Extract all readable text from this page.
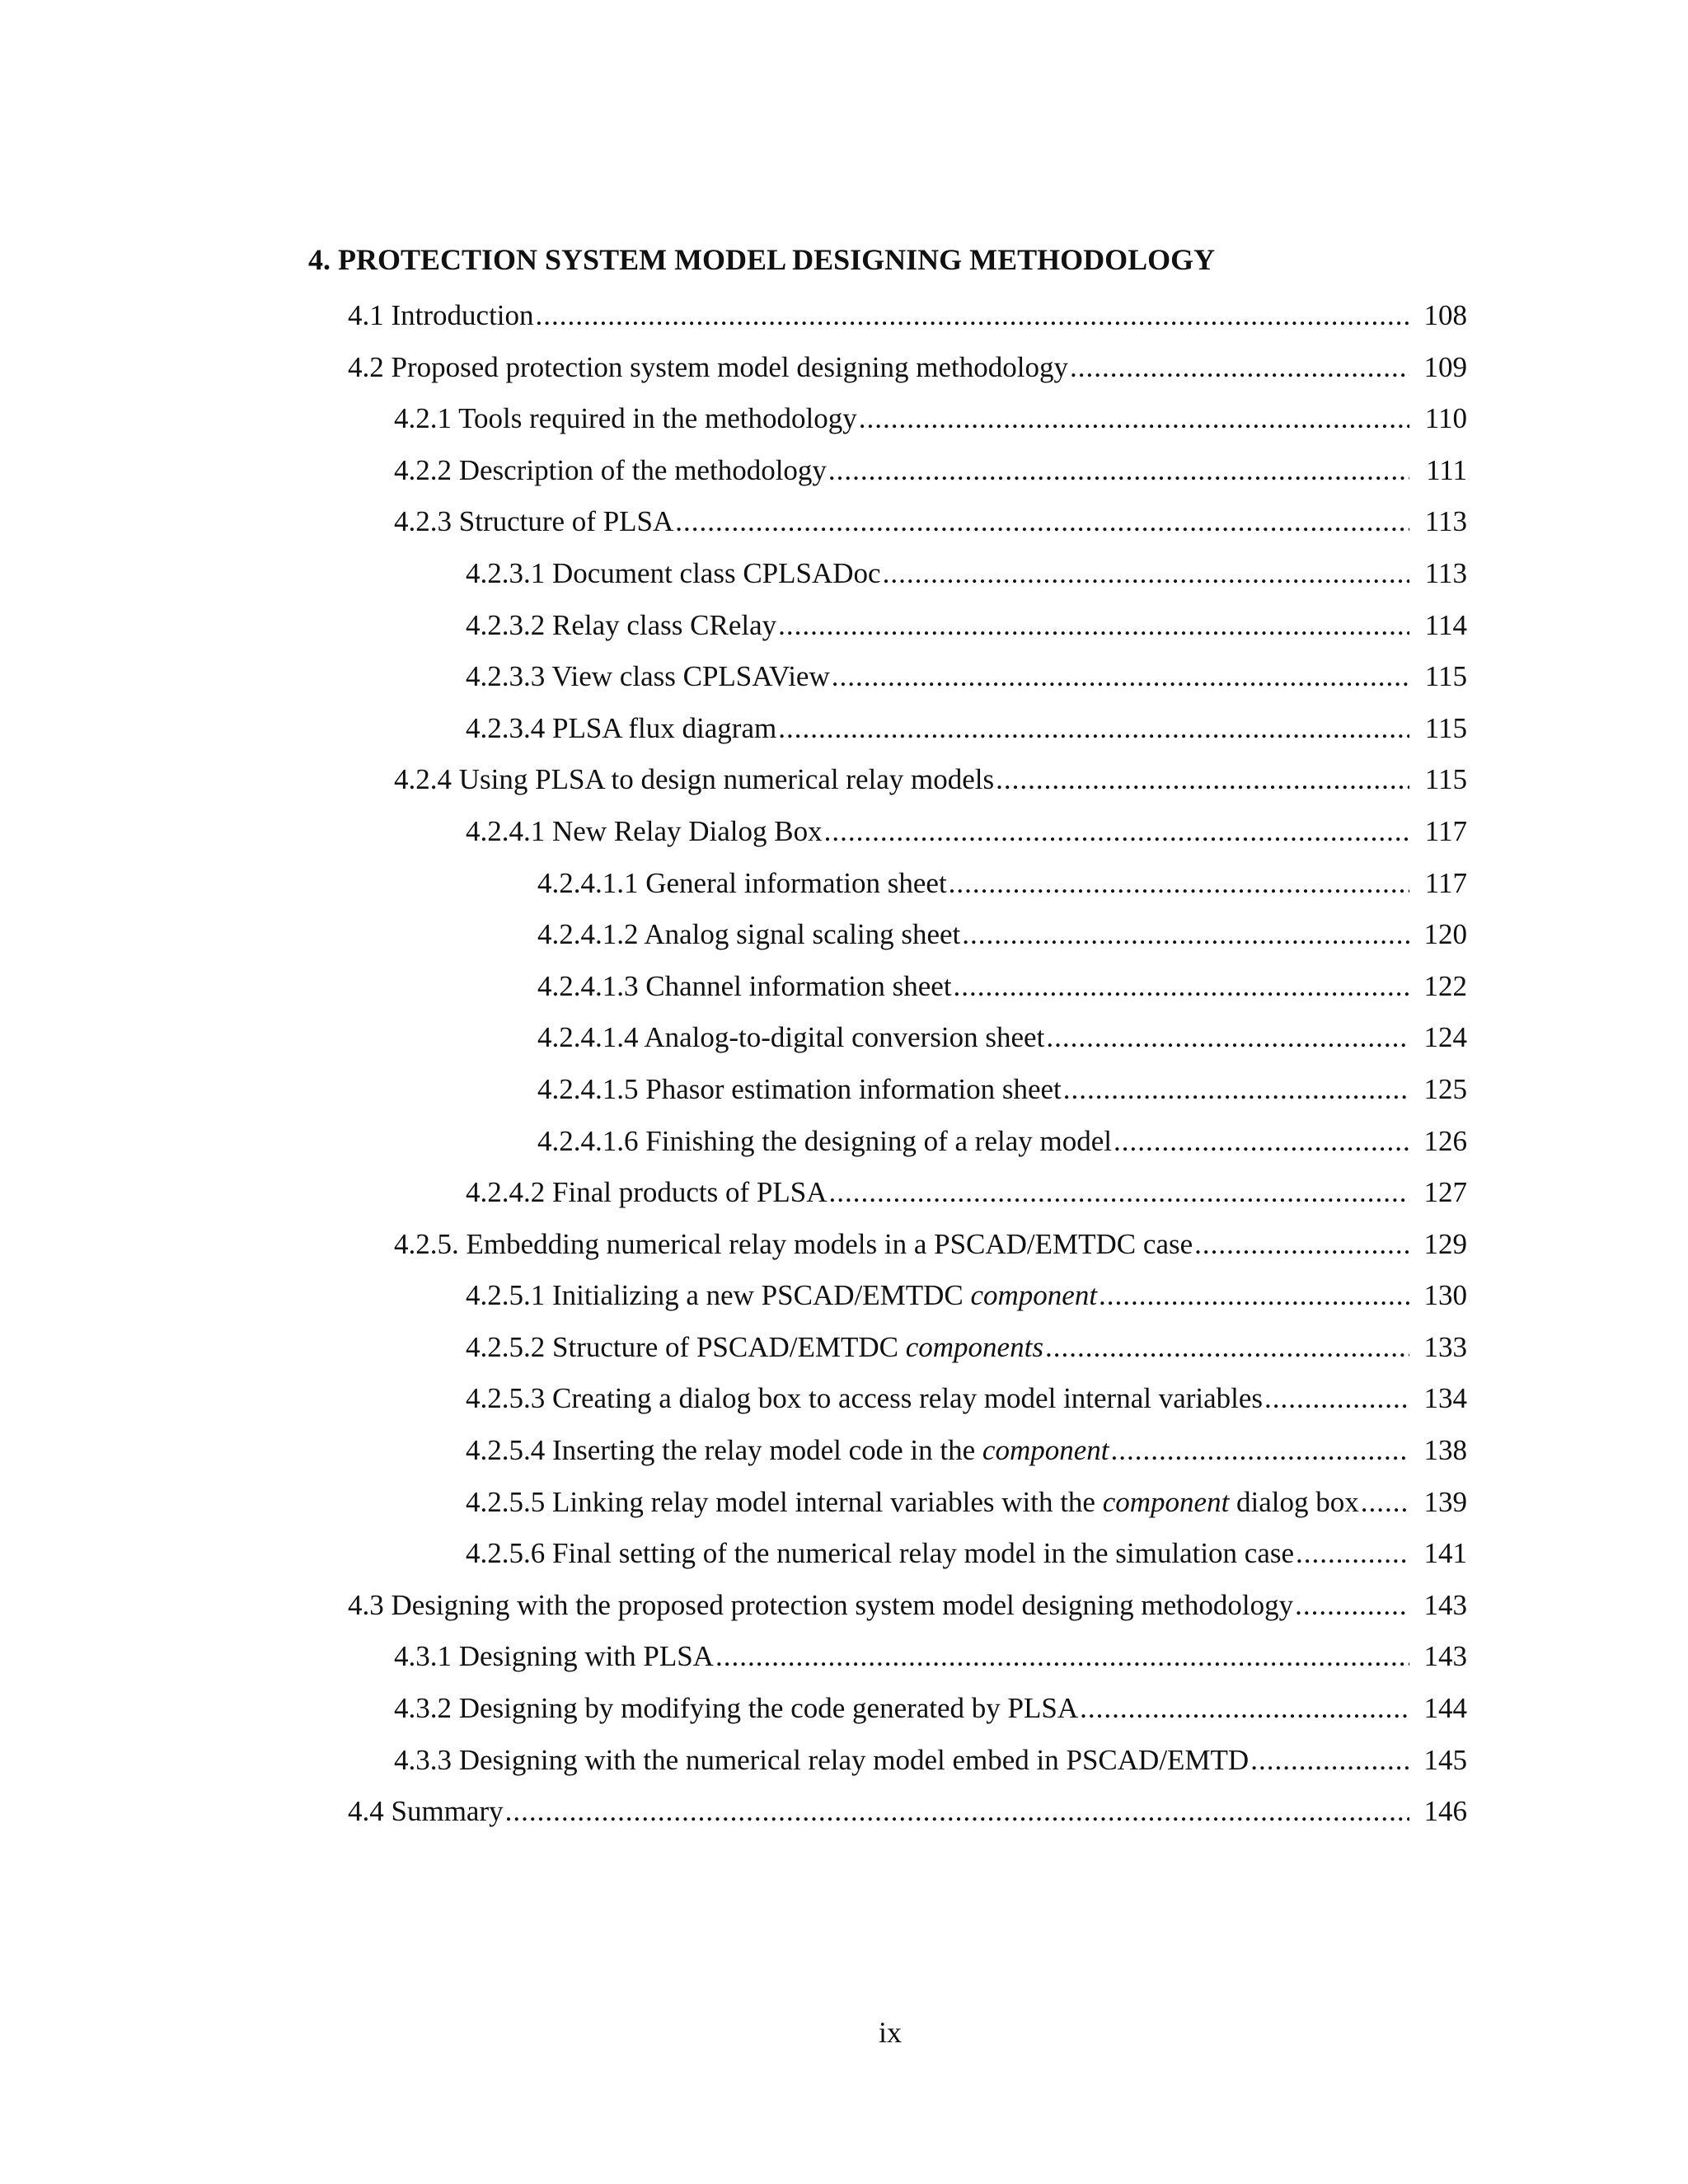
4. PROTECTION SYSTEM MODEL DESIGNING METHODOLOGY
4.1 Introduction .....	108
4.2 Proposed protection system model designing methodology .....	109
4.2.1 Tools required in the methodology .....	110
4.2.2 Description of the methodology .....	111
4.2.3 Structure of PLSA .....	113
4.2.3.1 Document class CPLSADoc .....	113
4.2.3.2 Relay class CRelay .....	114
4.2.3.3 View class CPLSAView .....	115
4.2.3.4 PLSA flux diagram .....	115
4.2.4 Using PLSA to design numerical relay models .....	115
4.2.4.1 New Relay Dialog Box .....	117
4.2.4.1.1 General information sheet .....	117
4.2.4.1.2 Analog signal scaling sheet .....	120
4.2.4.1.3 Channel information sheet .....	122
4.2.4.1.4 Analog-to-digital conversion sheet .....	124
4.2.4.1.5 Phasor estimation information sheet .....	125
4.2.4.1.6 Finishing the designing of a relay model .....	126
4.2.4.2 Final products of PLSA .....	127
4.2.5. Embedding numerical relay models in a PSCAD/EMTDC case .....	129
4.2.5.1 Initializing a new PSCAD/EMTDC component .....	130
4.2.5.2 Structure of PSCAD/EMTDC components .....	133
4.2.5.3 Creating a dialog box to access relay model internal variables .....	134
4.2.5.4 Inserting the relay model code in the component .....	138
4.2.5.5 Linking relay model internal variables with the component dialog box ..... 139
4.2.5.6 Final setting of the numerical relay model in the simulation case .....	141
4.3 Designing with the proposed protection system model designing methodology .....	143
4.3.1 Designing with PLSA .....	143
4.3.2 Designing by modifying the code generated by PLSA .....	144
4.3.3 Designing with the numerical relay model embed in PSCAD/EMTD .....	145
4.4 Summary .....	146
ix
